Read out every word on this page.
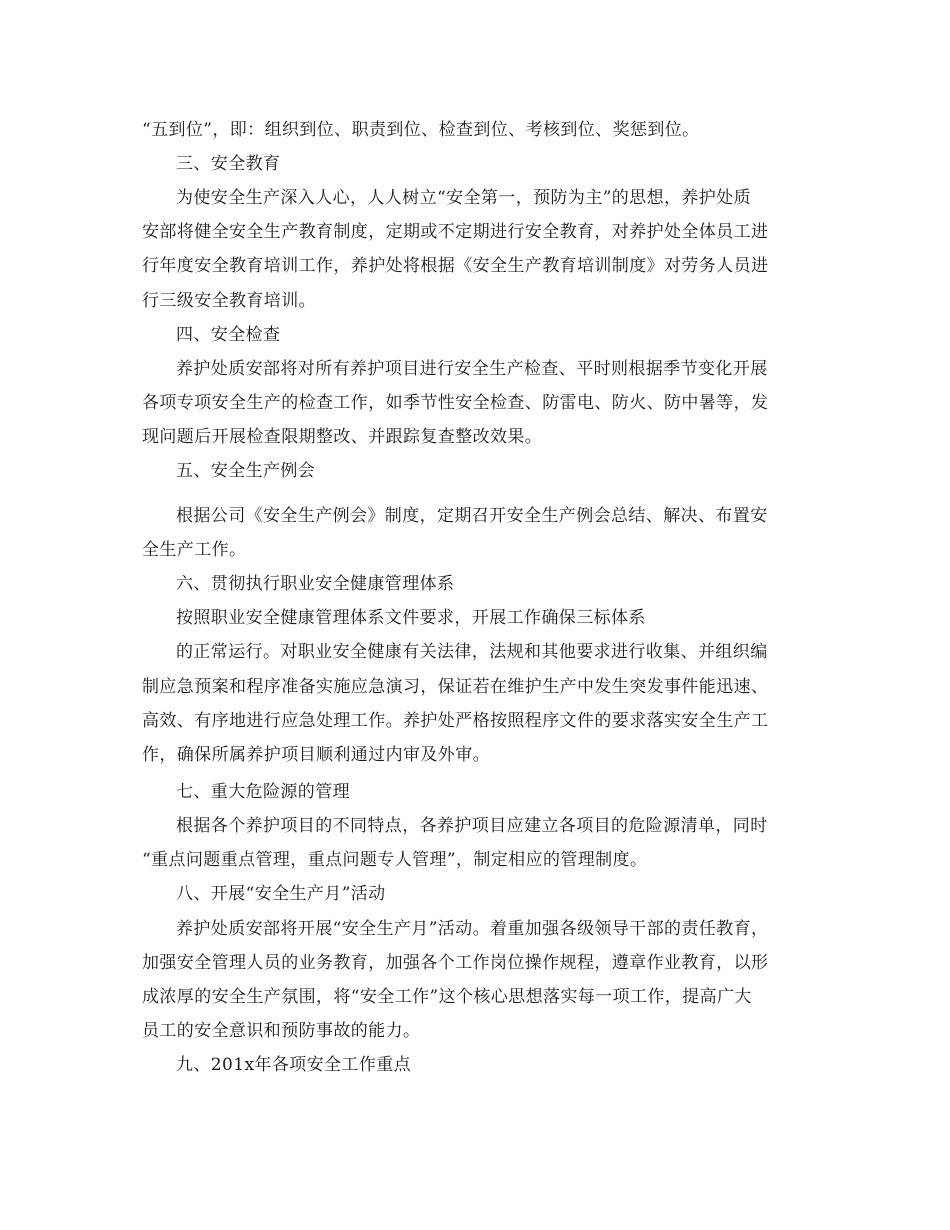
“五到位”，即：组织到位、职责到位、检查到位、考核到位、奖惩到位。
三、安全教育
为使安全生产深入人心，人人树立“安全第一，预防为主”的思想，养护处质
安部将健全安全生产教育制度，定期或不定期进行安全教育，对养护处全体员工进
行年度安全教育培训工作，养护处将根据《安全生产教育培训制度》对劳务人员进
行三级安全教育培训。
四、安全检查
养护处质安部将对所有养护项目进行安全生产检查、平时则根据季节变化开展
各项专项安全生产的检查工作，如季节性安全检查、防雷电、防火、防中暑等，发
现问题后开展检查限期整改、并跟踪复查整改效果。
五、安全生产例会
根据公司《安全生产例会》制度，定期召开安全生产例会总结、解决、布置安
全生产工作。
六、贯彻执行职业安全健康管理体系
按照职业安全健康管理体系文件要求，开展工作确保三标体系
的正常运行。对职业安全健康有关法律，法规和其他要求进行收集、并组织编
制应急预案和程序准备实施应急演习，保证若在维护生产中发生突发事件能迅速、
高效、有序地进行应急处理工作。养护处严格按照程序文件的要求落实安全生产工
作，确保所属养护项目顺利通过内审及外审。
七、重大危险源的管理
根据各个养护项目的不同特点，各养护项目应建立各项目的危险源清单，同时
“重点问题重点管理，重点问题专人管理”，制定相应的管理制度。
八、开展“安全生产月”活动
养护处质安部将开展“安全生产月”活动。着重加强各级领导干部的责任教育，
加强安全管理人员的业务教育，加强各个工作岗位操作规程，遵章作业教育，以形
成浓厚的安全生产氛围，将“安全工作”这个核心思想落实每一项工作，提高广大
员工的安全意识和预防事故的能力。
九、201x年各项安全工作重点
